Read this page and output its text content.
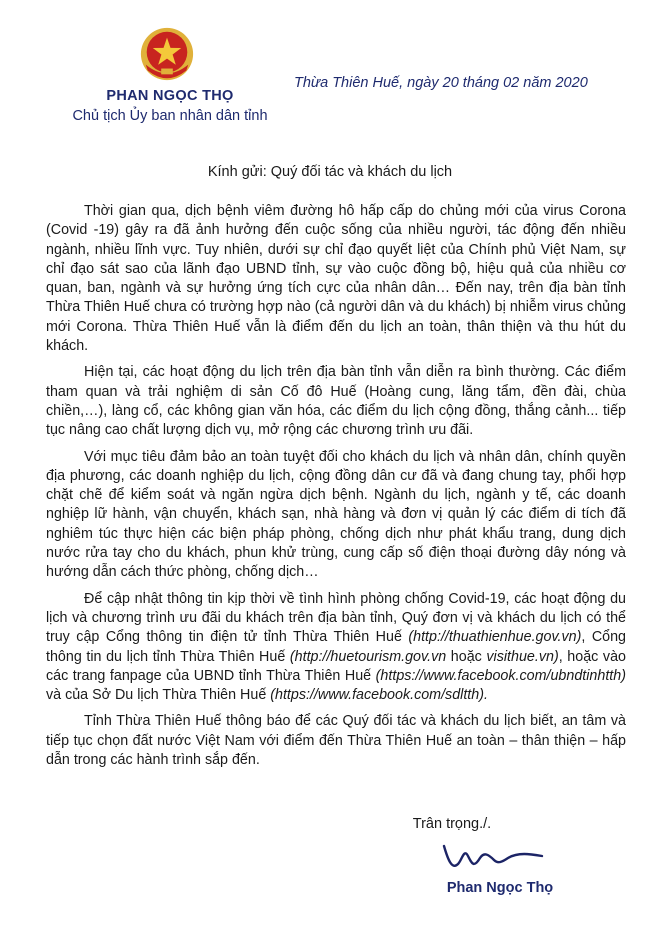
PHAN NGỌC THỌ
Chủ tịch Ủy ban nhân dân tỉnh
Thừa Thiên Huế, ngày 20 tháng 02 năm 2020
Kính gửi: Quý đối tác và khách du lịch

Thời gian qua, dịch bệnh viêm đường hô hấp cấp do chủng mới của virus Corona (Covid -19) gây ra đã ảnh hưởng đến cuộc sống của nhiều người, tác động đến nhiều ngành, nhiều lĩnh vực. Tuy nhiên, dưới sự chỉ đạo quyết liệt của Chính phủ Việt Nam, sự chỉ đạo sát sao của lãnh đạo UBND tỉnh, sự vào cuộc đồng bộ, hiệu quả của nhiều cơ quan, ban, ngành và sự hưởng ứng tích cực của nhân dân… Đến nay, trên địa bàn tỉnh Thừa Thiên Huế chưa có trường hợp nào (cả người dân và du khách) bị nhiễm virus chủng mới Corona. Thừa Thiên Huế vẫn là điểm đến du lịch an toàn, thân thiện và thu hút du khách.

Hiện tại, các hoạt động du lịch trên địa bàn tỉnh vẫn diễn ra bình thường. Các điểm tham quan và trải nghiệm di sản Cố đô Huế (Hoàng cung, lăng tẩm, đền đài, chùa chiền,…), làng cổ, các không gian văn hóa, các điểm du lịch cộng đồng, thắng cảnh... tiếp tục nâng cao chất lượng dịch vụ, mở rộng các chương trình ưu đãi.

Với mục tiêu đảm bảo an toàn tuyệt đối cho khách du lịch và nhân dân, chính quyền địa phương, các doanh nghiệp du lịch, cộng đồng dân cư đã và đang chung tay, phối hợp chặt chẽ để kiểm soát và ngăn ngừa dịch bệnh. Ngành du lịch, ngành y tế, các doanh nghiệp lữ hành, vận chuyển, khách sạn, nhà hàng và đơn vị quản lý các điểm di tích đã nghiêm túc thực hiện các biện pháp phòng, chống dịch như phát khẩu trang, dung dịch nước rửa tay cho du khách, phun khử trùng, cung cấp số điện thoại đường dây nóng và hướng dẫn cách thức phòng, chống dịch…

Để cập nhật thông tin kịp thời về tình hình phòng chống Covid-19, các hoạt động du lịch và chương trình ưu đãi du khách trên địa bàn tỉnh, Quý đơn vị và khách du lịch có thể truy cập Cổng thông tin điện tử tỉnh Thừa Thiên Huế (http://thuathienhue.gov.vn), Cổng thông tin du lịch tỉnh Thừa Thiên Huế (http://huetourism.gov.vn hoặc visithue.vn), hoặc vào các trang fanpage của UBND tỉnh Thừa Thiên Huế (https://www.facebook.com/ubndtinhtth) và của Sở Du lịch Thừa Thiên Huế (https://www.facebook.com/sdltth).

Tỉnh Thừa Thiên Huế thông báo để các Quý đối tác và khách du lịch biết, an tâm và tiếp tục chọn đất nước Việt Nam với điểm đến Thừa Thiên Huế an toàn – thân thiện – hấp dẫn trong các hành trình sắp đến.

Trân trọng./.
Phan Ngọc Thọ
